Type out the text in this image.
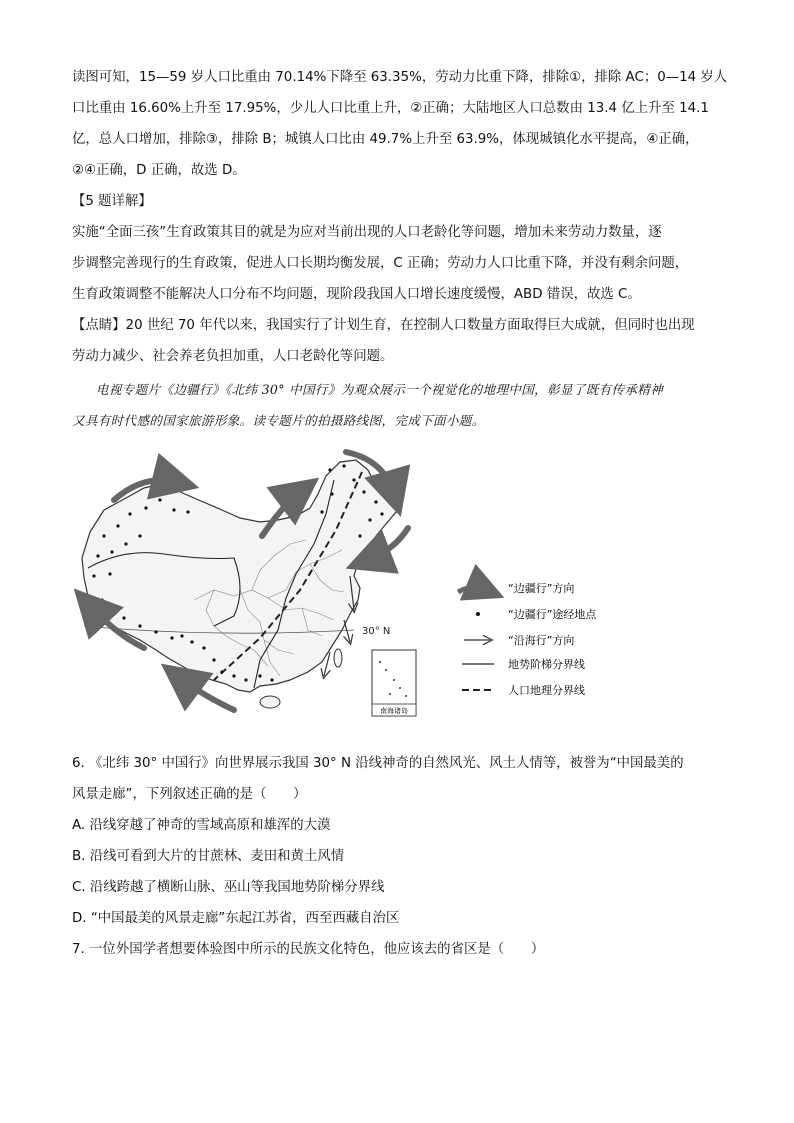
读图可知，15—59 岁人口比重由 70.14%下降至 63.35%，劳动力比重下降，排除①，排除 AC；0—14 岁人
口比重由 16.60%上升至 17.95%，少儿人口比重上升，②正确；大陆地区人口总数由 13.4 亿上升至 14.1
亿，总人口增加，排除③，排除 B；城镇人口比由 49.7%上升至 63.9%，体现城镇化水平提高，④正确，
②④正确，D 正确，故选 D。
【5 题详解】
实施“全面三孩”生育政策其目的就是为应对当前出现的人口老龄化等问题，增加未来劳动力数量，逐
步调整完善现行的生育政策，促进人口长期均衡发展，C 正确；劳动力人口比重下降，并没有剩余问题，
生育政策调整不能解决人口分布不均问题，现阶段我国人口增长速度缓慢，ABD 错误，故选 C。
【点睛】20 世纪 70 年代以来，我国实行了计划生育，在控制人口数量方面取得巨大成就，但同时也出现
劳动力减少、社会养老负担加重，人口老龄化等问题。
电视专题片《边疆行》《北纬 30° 中国行》为观众展示一个视觉化的地理中国，彰显了既有传承精神
又具有时代感的国家旅游形象。读专题片的拍摄路线图，完成下面小题。
30° N
南海诸岛
“边疆行”方向
“边疆行”途经地点
“沿海行”方向
地势阶梯分界线
人口地理分界线
6. 《北纬 30° 中国行》向世界展示我国 30° N 沿线神奇的自然风光、风土人情等，被誉为“中国最美的
风景走廊”，下列叙述正确的是（　　）
A. 沿线穿越了神奇的雪域高原和雄浑的大漠
B. 沿线可看到大片的甘蔗林、麦田和黄土风情
C. 沿线跨越了横断山脉、巫山等我国地势阶梯分界线
D. “中国最美的风景走廊”东起江苏省，西至西藏自治区
7. 一位外国学者想要体验图中所示的民族文化特色，他应该去的省区是（　　）
